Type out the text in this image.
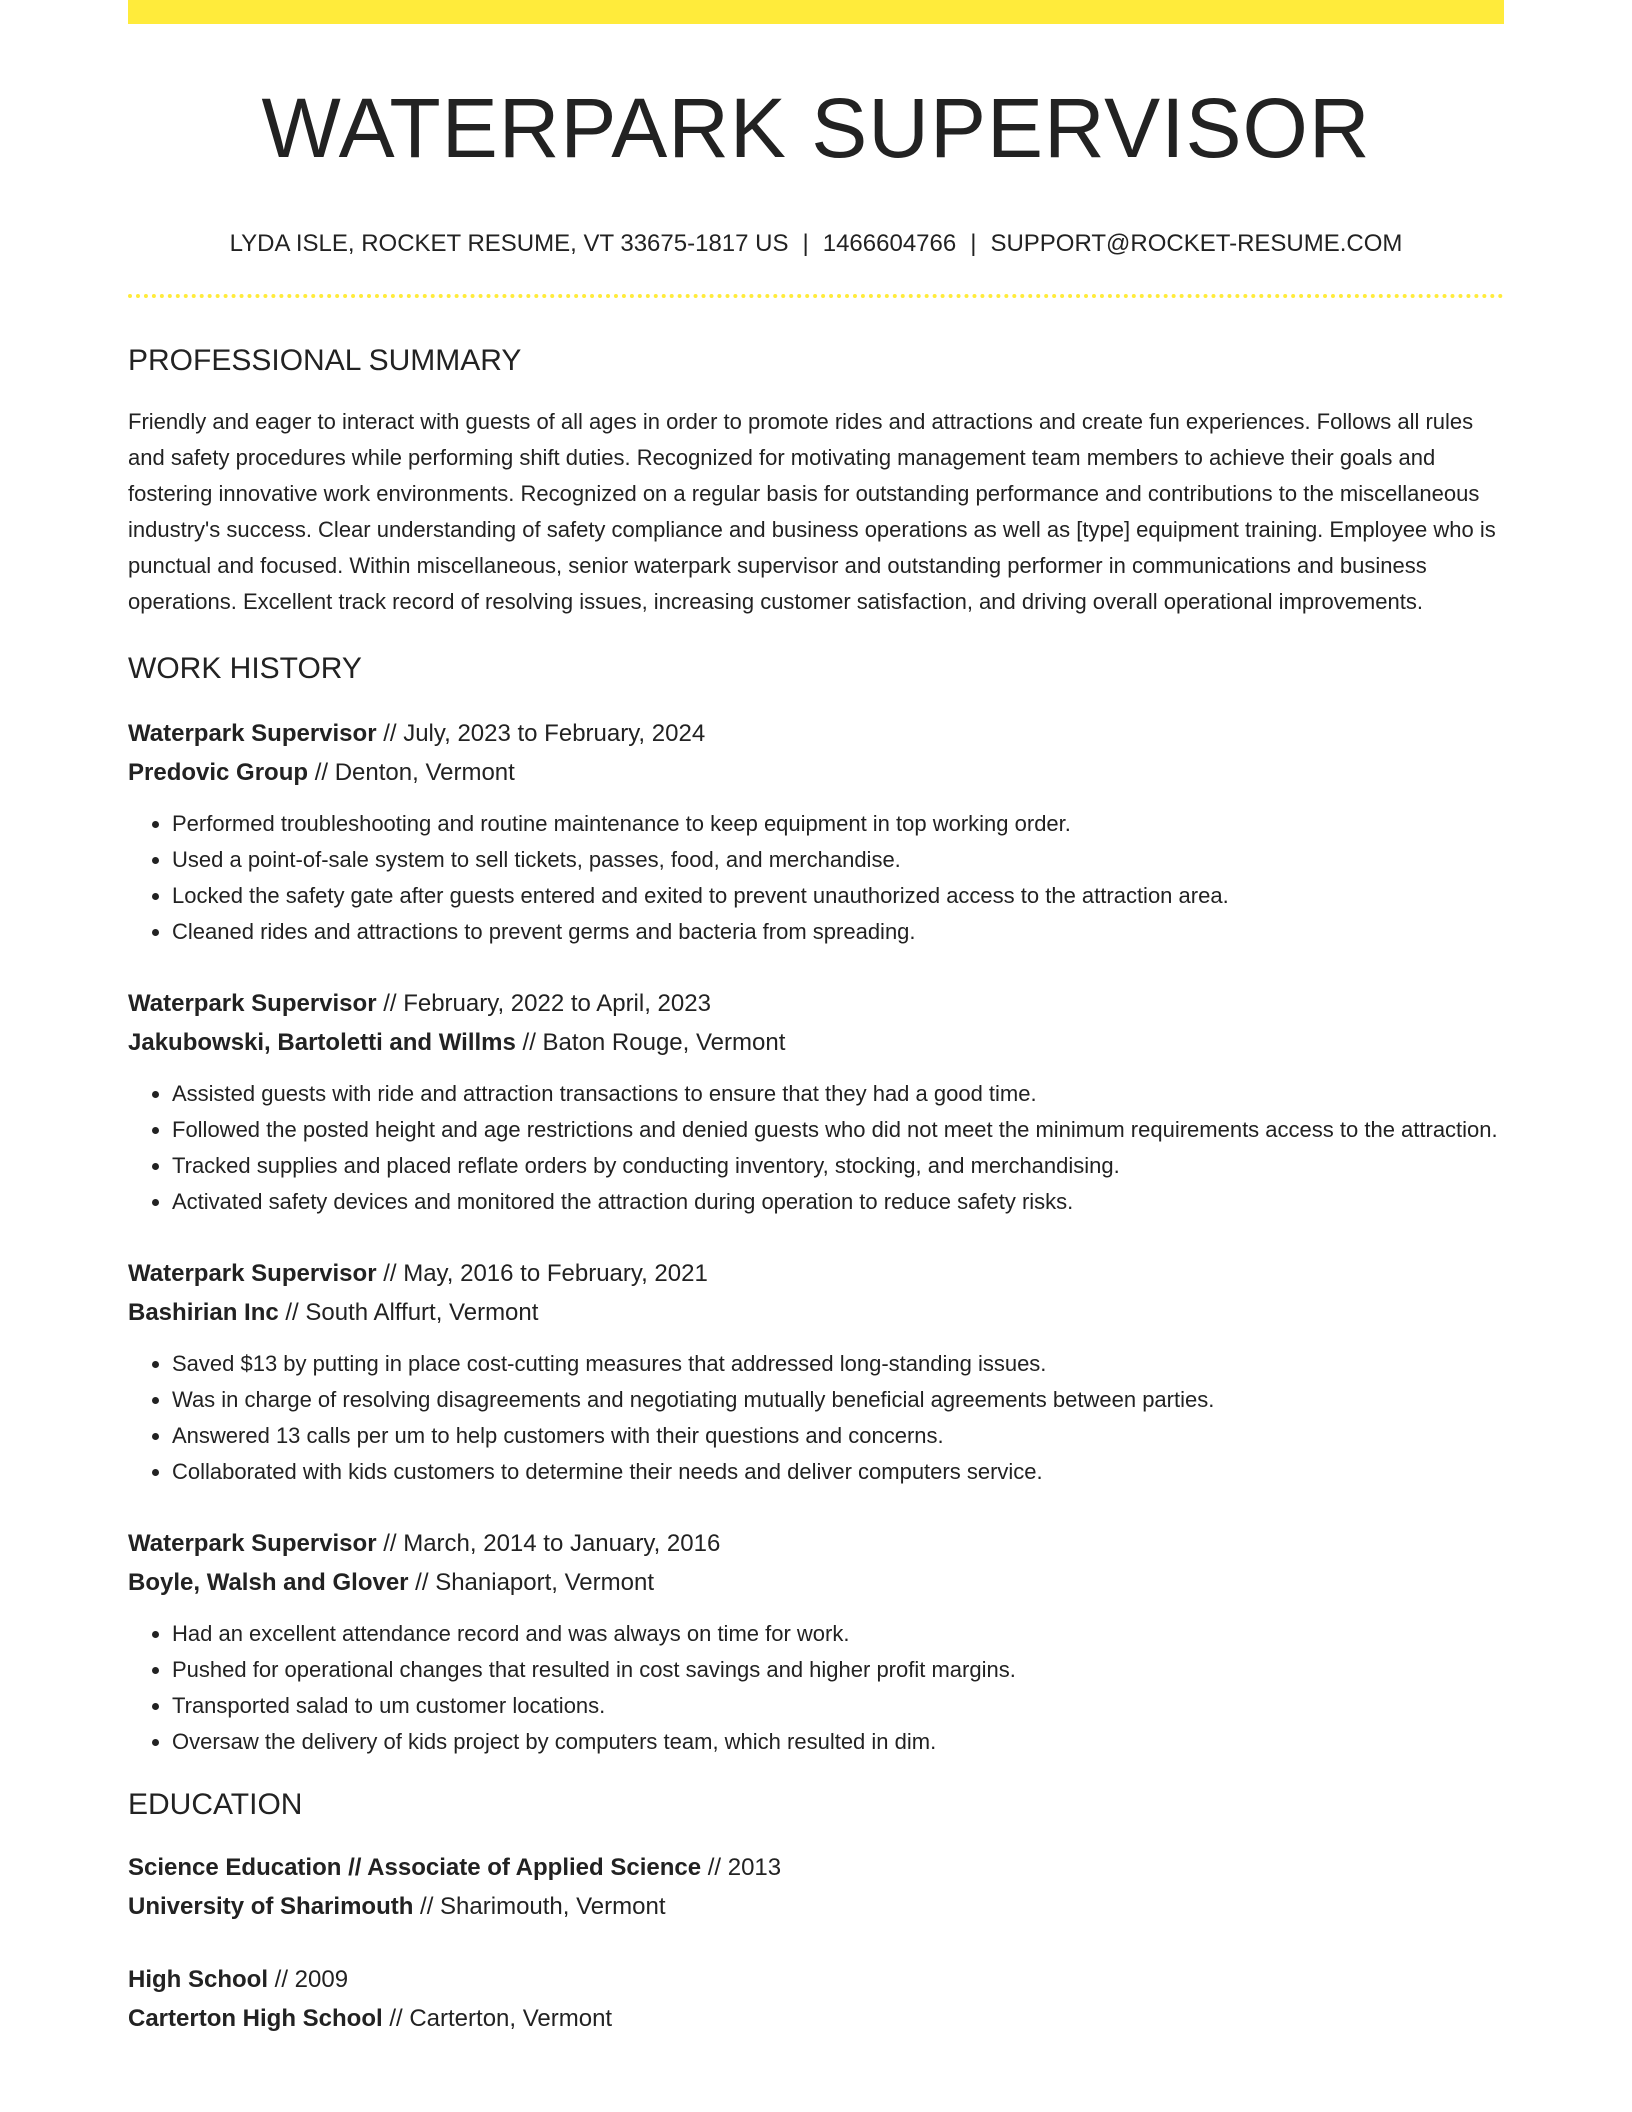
WATERPARK SUPERVISOR
LYDA ISLE, ROCKET RESUME, VT 33675-1817 US | 1466604766 | SUPPORT@ROCKET-RESUME.COM
PROFESSIONAL SUMMARY

Friendly and eager to interact with guests of all ages in order to promote rides and attractions and create fun experiences. Follows all rules and safety procedures while performing shift duties. Recognized for motivating management team members to achieve their goals and fostering innovative work environments. Recognized on a regular basis for outstanding performance and contributions to the miscellaneous industry's success. Clear understanding of safety compliance and business operations as well as [type] equipment training. Employee who is punctual and focused. Within miscellaneous, senior waterpark supervisor and outstanding performer in communications and business operations. Excellent track record of resolving issues, increasing customer satisfaction, and driving overall operational improvements.

WORK HISTORY
Waterpark Supervisor // July, 2023 to February, 2024
Predovic Group // Denton, Vermont
• Performed troubleshooting and routine maintenance to keep equipment in top working order.
• Used a point-of-sale system to sell tickets, passes, food, and merchandise.
• Locked the safety gate after guests entered and exited to prevent unauthorized access to the attraction area.
• Cleaned rides and attractions to prevent germs and bacteria from spreading.
Waterpark Supervisor // February, 2022 to April, 2023
Jakubowski, Bartoletti and Willms // Baton Rouge, Vermont
• Assisted guests with ride and attraction transactions to ensure that they had a good time.
• Followed the posted height and age restrictions and denied guests who did not meet the minimum requirements access to the attraction.
• Tracked supplies and placed reflate orders by conducting inventory, stocking, and merchandising.
• Activated safety devices and monitored the attraction during operation to reduce safety risks.
Waterpark Supervisor // May, 2016 to February, 2021
Bashirian Inc // South Alffurt, Vermont
• Saved $13 by putting in place cost-cutting measures that addressed long-standing issues.
• Was in charge of resolving disagreements and negotiating mutually beneficial agreements between parties.
• Answered 13 calls per um to help customers with their questions and concerns.
• Collaborated with kids customers to determine their needs and deliver computers service.
Waterpark Supervisor // March, 2014 to January, 2016
Boyle, Walsh and Glover // Shaniaport, Vermont
• Had an excellent attendance record and was always on time for work.
• Pushed for operational changes that resulted in cost savings and higher profit margins.
• Transported salad to um customer locations.
• Oversaw the delivery of kids project by computers team, which resulted in dim.
EDUCATION
Science Education // Associate of Applied Science // 2013
University of Sharimouth // Sharimouth, Vermont
High School // 2009
Carterton High School // Carterton, Vermont
